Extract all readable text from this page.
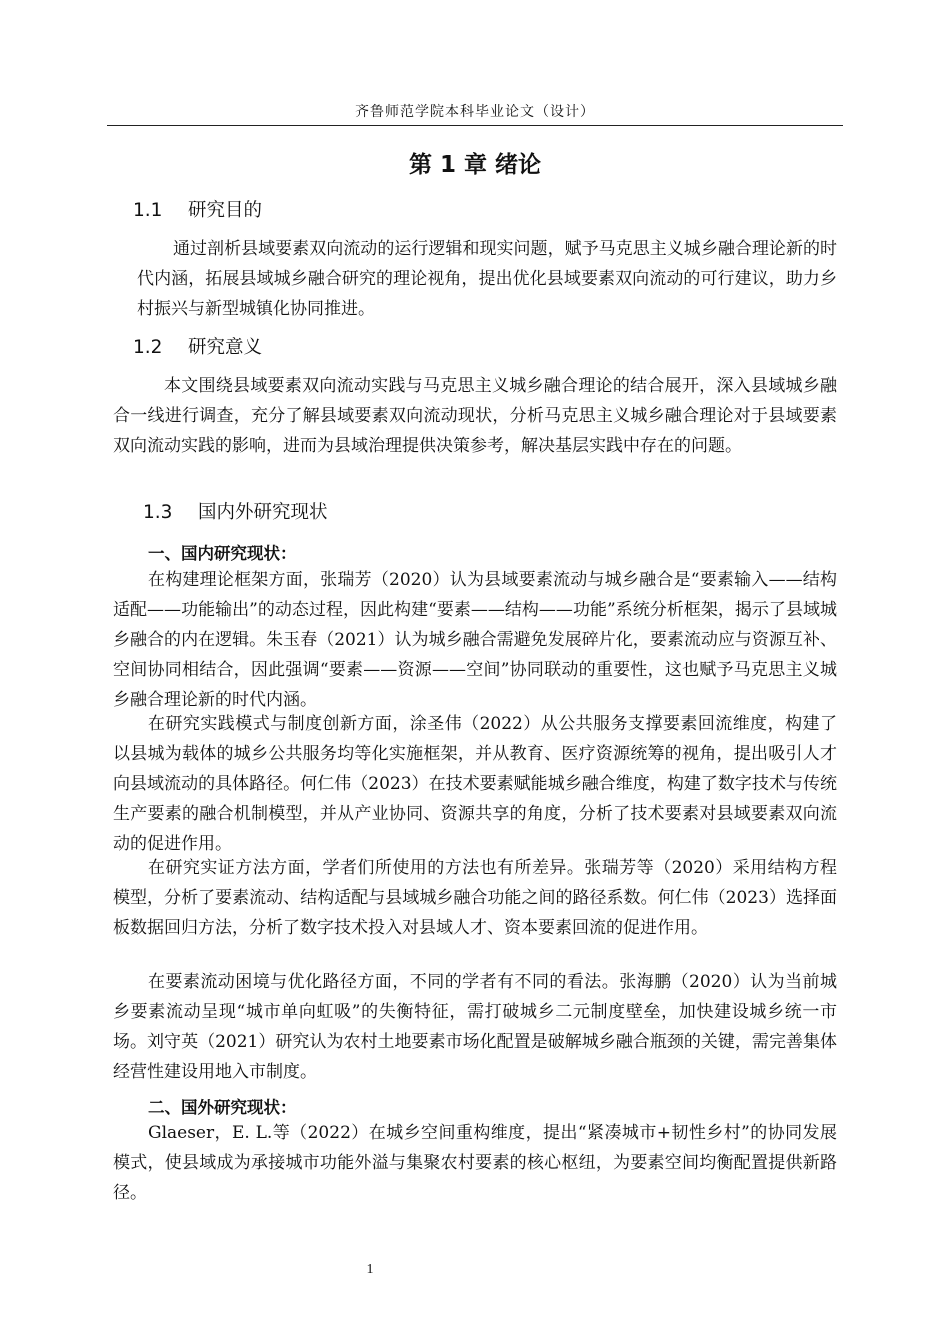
齐鲁师范学院本科毕业论文（设计）
第 1 章 绪论
1.1 研究目的
通过剖析县域要素双向流动的运行逻辑和现实问题，赋予马克思主义城乡融合理论新的时代内涵，拓展县域城乡融合研究的理论视角，提出优化县域要素双向流动的可行建议，助力乡村振兴与新型城镇化协同推进。
1.2 研究意义
本文围绕县域要素双向流动实践与马克思主义城乡融合理论的结合展开，深入县域城乡融合一线进行调查，充分了解县域要素双向流动现状，分析马克思主义城乡融合理论对于县域要素双向流动实践的影响，进而为县域治理提供决策参考，解决基层实践中存在的问题。
1.3 国内外研究现状
一、国内研究现状：
在构建理论框架方面，张瑞芳（2020）认为县域要素流动与城乡融合是“要素输入——结构适配——功能输出”的动态过程，因此构建“要素——结构——功能”系统分析框架，揭示了县域城乡融合的内在逻辑。朱玉春（2021）认为城乡融合需避免发展碎片化，要素流动应与资源互补、空间协同相结合，因此强调“要素——资源——空间”协同联动的重要性，这也赋予马克思主义城乡融合理论新的时代内涵。
在研究实践模式与制度创新方面，涂圣伟（2022）从公共服务支撑要素回流维度，构建了以县城为载体的城乡公共服务均等化实施框架，并从教育、医疗资源统筹的视角，提出吸引人才向县域流动的具体路径。何仁伟（2023）在技术要素赋能城乡融合维度，构建了数字技术与传统生产要素的融合机制模型，并从产业协同、资源共享的角度，分析了技术要素对县域要素双向流动的促进作用。
在研究实证方法方面，学者们所使用的方法也有所差异。张瑞芳等（2020）采用结构方程模型，分析了要素流动、结构适配与县域城乡融合功能之间的路径系数。何仁伟（2023）选择面板数据回归方法，分析了数字技术投入对县域人才、资本要素回流的促进作用。
在要素流动困境与优化路径方面，不同的学者有不同的看法。张海鹏（2020）认为当前城乡要素流动呈现“城市单向虹吸”的失衡特征，需打破城乡二元制度壁垒，加快建设城乡统一市场。刘守英（2021）研究认为农村土地要素市场化配置是破解城乡融合瓶颈的关键，需完善集体经营性建设用地入市制度。
二、国外研究现状：
Glaeser，E. L.等（2022）在城乡空间重构维度，提出“紧凑城市+韧性乡村”的协同发展模式，使县域成为承接城市功能外溢与集聚农村要素的核心枢纽，为要素空间均衡配置提供新路径。
1
